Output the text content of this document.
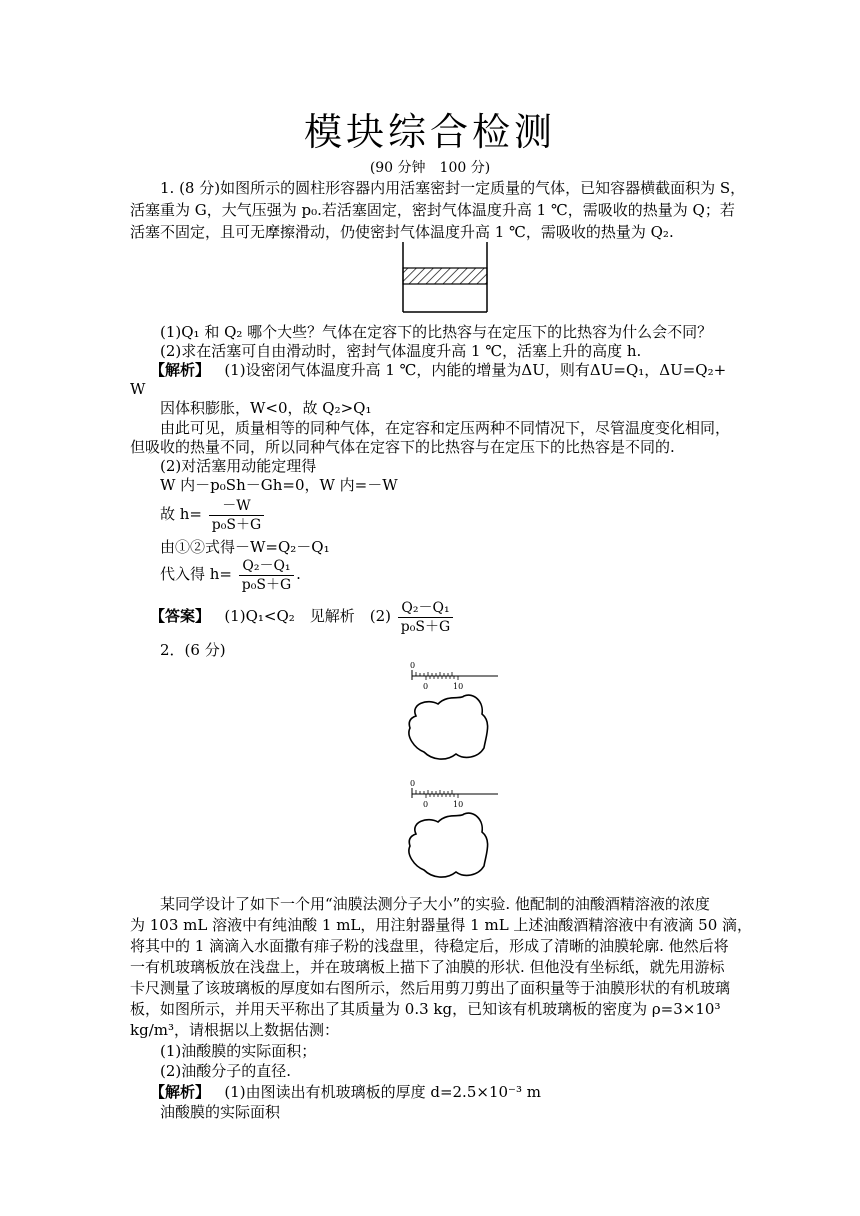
模块综合检测
(90 分钟　100 分)
1. (8 分)如图所示的圆柱形容器内用活塞密封一定质量的气体，已知容器横截面积为 S，
活塞重为 G，大气压强为 p₀.若活塞固定，密封气体温度升高 1 ℃，需吸收的热量为 Q；若
活塞不固定，且可无摩擦滑动，仍使密封气体温度升高 1 ℃，需吸收的热量为 Q₂.
(1)Q₁ 和 Q₂ 哪个大些？气体在定容下的比热容与在定压下的比热容为什么会不同？
(2)求在活塞可自由滑动时，密封气体温度升高 1 ℃，活塞上升的高度 h.
【解析】 (1)设密闭气体温度升高 1 ℃，内能的增量为ΔU，则有ΔU=Q₁，ΔU=Q₂+
W
因体积膨胀，W<0，故 Q₂>Q₁
由此可见，质量相等的同种气体，在定容和定压两种不同情况下，尽管温度变化相同，
但吸收的热量不同，所以同种气体在定容下的比热容与在定压下的比热容是不同的.
(2)对活塞用动能定理得
W 内－p₀Sh－Gh=0，W 内=－W
故 $h= \frac{-W}{\text{p₀S＋G}}$
由①②式得－W=Q₂－Q₁
代入得 $h= \frac{\text{Q₂－Q₁}}{\text{p₀S＋G}}$ .
【答案】 (1)Q₁<Q₂　见解析　$(2) \frac{\text{Q₂－Q₁}}{\text{p₀S＋G}}$
2．(6 分)
0
0	10
0
0	10
某同学设计了如下一个用“油膜法测分子大小”的实验. 他配制的油酸酒精溶液的浓度
为 103 mL 溶液中有纯油酸 1 mL，用注射器量得 1 mL 上述油酸酒精溶液中有液滴 50 滴，
将其中的 1 滴滴入水面撒有痱子粉的浅盘里，待稳定后，形成了清晰的油膜轮廓. 他然后将
一有机玻璃板放在浅盘上，并在玻璃板上描下了油膜的形状. 但他没有坐标纸，就先用游标
卡尺测量了该玻璃板的厚度如右图所示，然后用剪刀剪出了面积量等于油膜形状的有机玻璃
板，如图所示，并用天平称出了其质量为 0.3 kg，已知该有机玻璃板的密度为 ρ=3×10³
kg/m³，请根据以上数据估测：
(1)油酸膜的实际面积；
(2)油酸分子的直径.
【解析】 (1)由图读出有机玻璃板的厚度 d=2.5×10⁻³ m
油酸膜的实际面积
